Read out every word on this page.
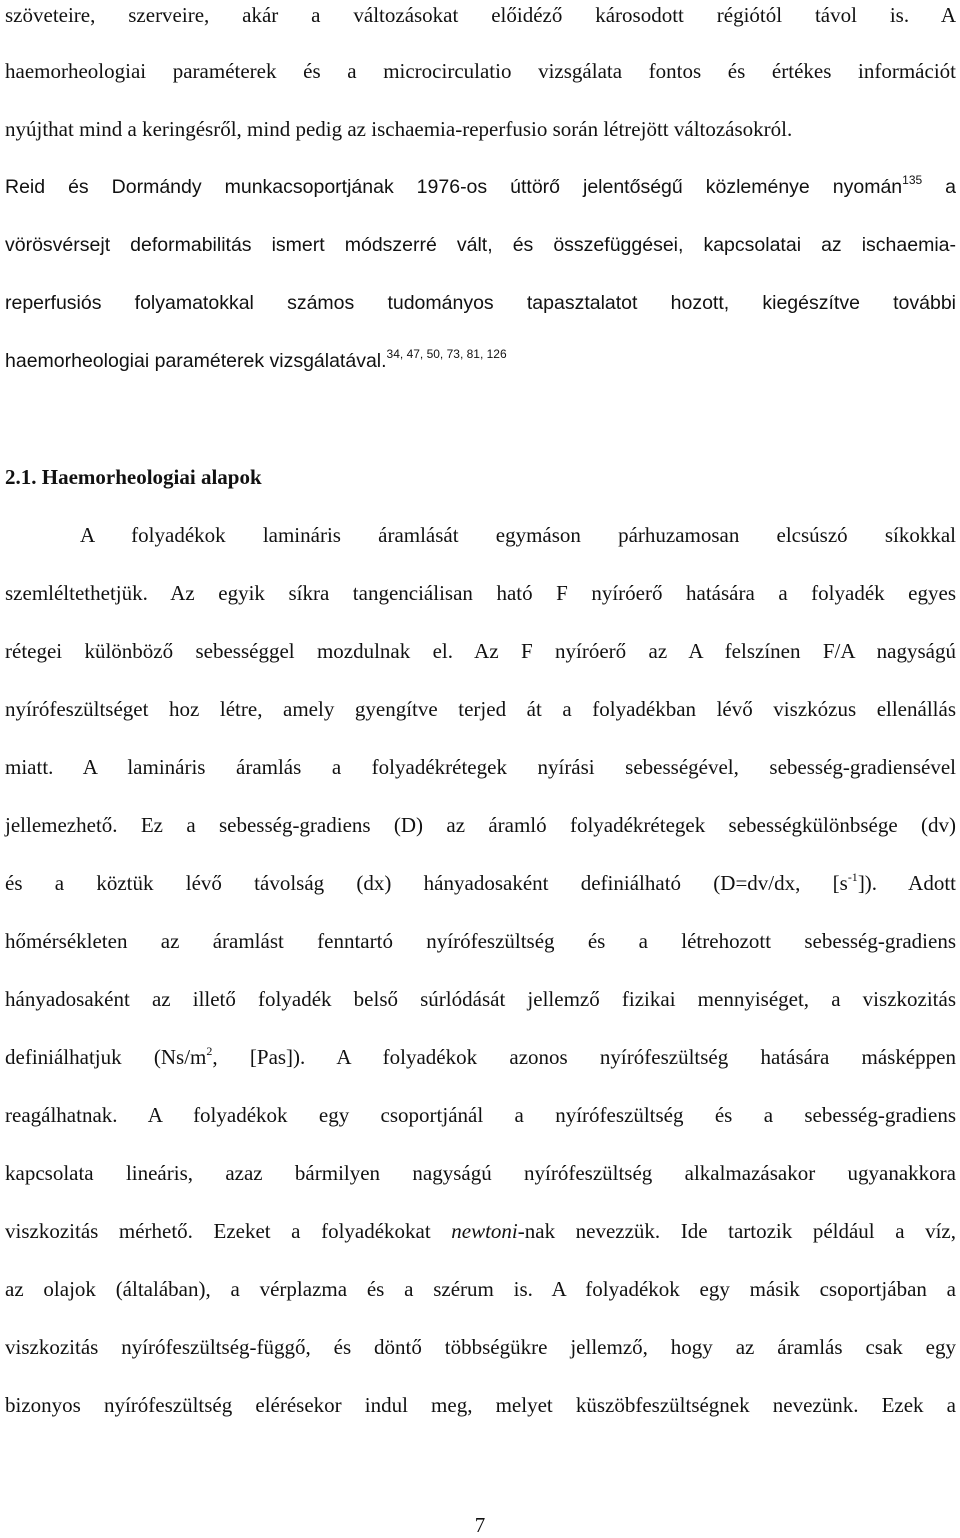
szöveteire, szerveire, akár a változásokat előidéző károsodott régiótól távol is. A
haemorheologiai paraméterek és a microcirculatio vizsgálata fontos és értékes információt
nyújthat mind a keringésről, mind pedig az ischaemia-reperfusio során létrejött változásokról.
Reid és Dormándy munkacsoportjának 1976-os úttörő jelentőségű közleménye nyomán$^{135}$ a
vörösvérsejt deformabilitás ismert módszerré vált, és összefüggései, kapcsolatai az ischaemia-
reperfusiós folyamatokkal számos tudományos tapasztalatot hozott, kiegészítve további
haemorheologiai paraméterek vizsgálatával.$^{34, 47, 50, 73, 81, 126}$
2.1. Haemorheologiai alapok
A folyadékok lamináris áramlását egymáson párhuzamosan elcsúszó síkokkal
szemléltethetjük. Az egyik síkra tangenciálisan ható F nyíróerő hatására a folyadék egyes
rétegei különböző sebességgel mozdulnak el. Az F nyíróerő az A felszínen F/A nagyságú
nyírófeszültséget hoz létre, amely gyengítve terjed át a folyadékban lévő viszkózus ellenállás
miatt. A lamináris áramlás a folyadékrétegek nyírási sebességével, sebesség-gradiensével
jellemezhető. Ez a sebesség-gradiens (D) az áramló folyadékrétegek sebességkülönbsége (dv)
és a köztük lévő távolság (dx) hányadosaként definiálható (D=dv/dx, $[s^{-1}]$). Adott
hőmérsékleten az áramlást fenntartó nyírófeszültség és a létrehozott sebesség-gradiens
hányadosaként az illető folyadék belső súrlódását jellemző fizikai mennyiséget, a viszkozitás
definiálhatjuk ($Ns/m^2$, [Pas]). A folyadékok azonos nyírófeszültség hatására másképpen
reagálhatnak. A folyadékok egy csoportjánál a nyírófeszültség és a sebesség-gradiens
kapcsolata lineáris, azaz bármilyen nagyságú nyírófeszültség alkalmazásakor ugyanakkora
viszkozitás mérhető. Ezeket a folyadékokat newtoni-nak nevezzük. Ide tartozik például a víz,
az olajok (általában), a vérplazma és a szérum is. A folyadékok egy másik csoportjában a
viszkozitás nyírófeszültség-függő, és döntő többségükre jellemző, hogy az áramlás csak egy
bizonyos nyírófeszültség elérésekor indul meg, melyet küszöbfeszültségnek nevezünk. Ezek a
7
